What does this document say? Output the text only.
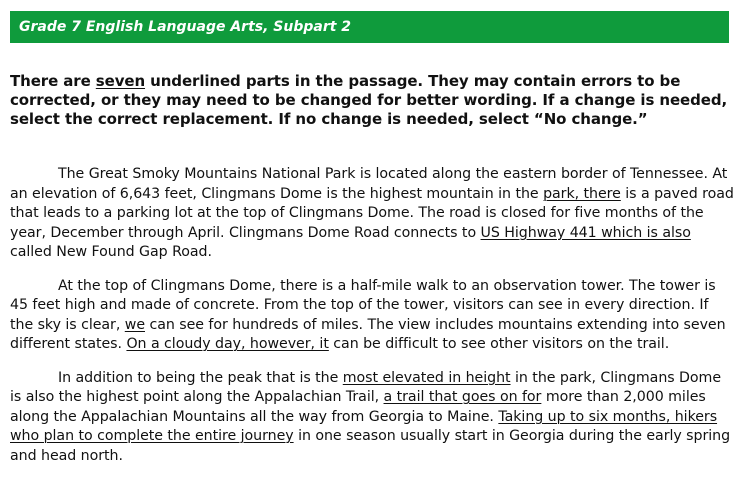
Grade 7 English Language Arts, Subpart 2

There are seven underlined parts in the passage. They may contain errors to be corrected, or they may need to be changed for better wording. If a change is needed, select the correct replacement. If no change is needed, select “No change.”

The Great Smoky Mountains National Park is located along the eastern border of Tennessee. At an elevation of 6,643 feet, Clingmans Dome is the highest mountain in the park, there is a paved road that leads to a parking lot at the top of Clingmans Dome. The road is closed for five months of the year, December through April. Clingmans Dome Road connects to US Highway 441 which is also called New Found Gap Road.

At the top of Clingmans Dome, there is a half-mile walk to an observation tower. The tower is 45 feet high and made of concrete. From the top of the tower, visitors can see in every direction. If the sky is clear, we can see for hundreds of miles. The view includes mountains extending into seven different states. On a cloudy day, however, it can be difficult to see other visitors on the trail.

In addition to being the peak that is the most elevated in height in the park, Clingmans Dome is also the highest point along the Appalachian Trail, a trail that goes on for more than 2,000 miles along the Appalachian Mountains all the way from Georgia to Maine. Taking up to six months, hikers who plan to complete the entire journey in one season usually start in Georgia during the early spring and head north.
